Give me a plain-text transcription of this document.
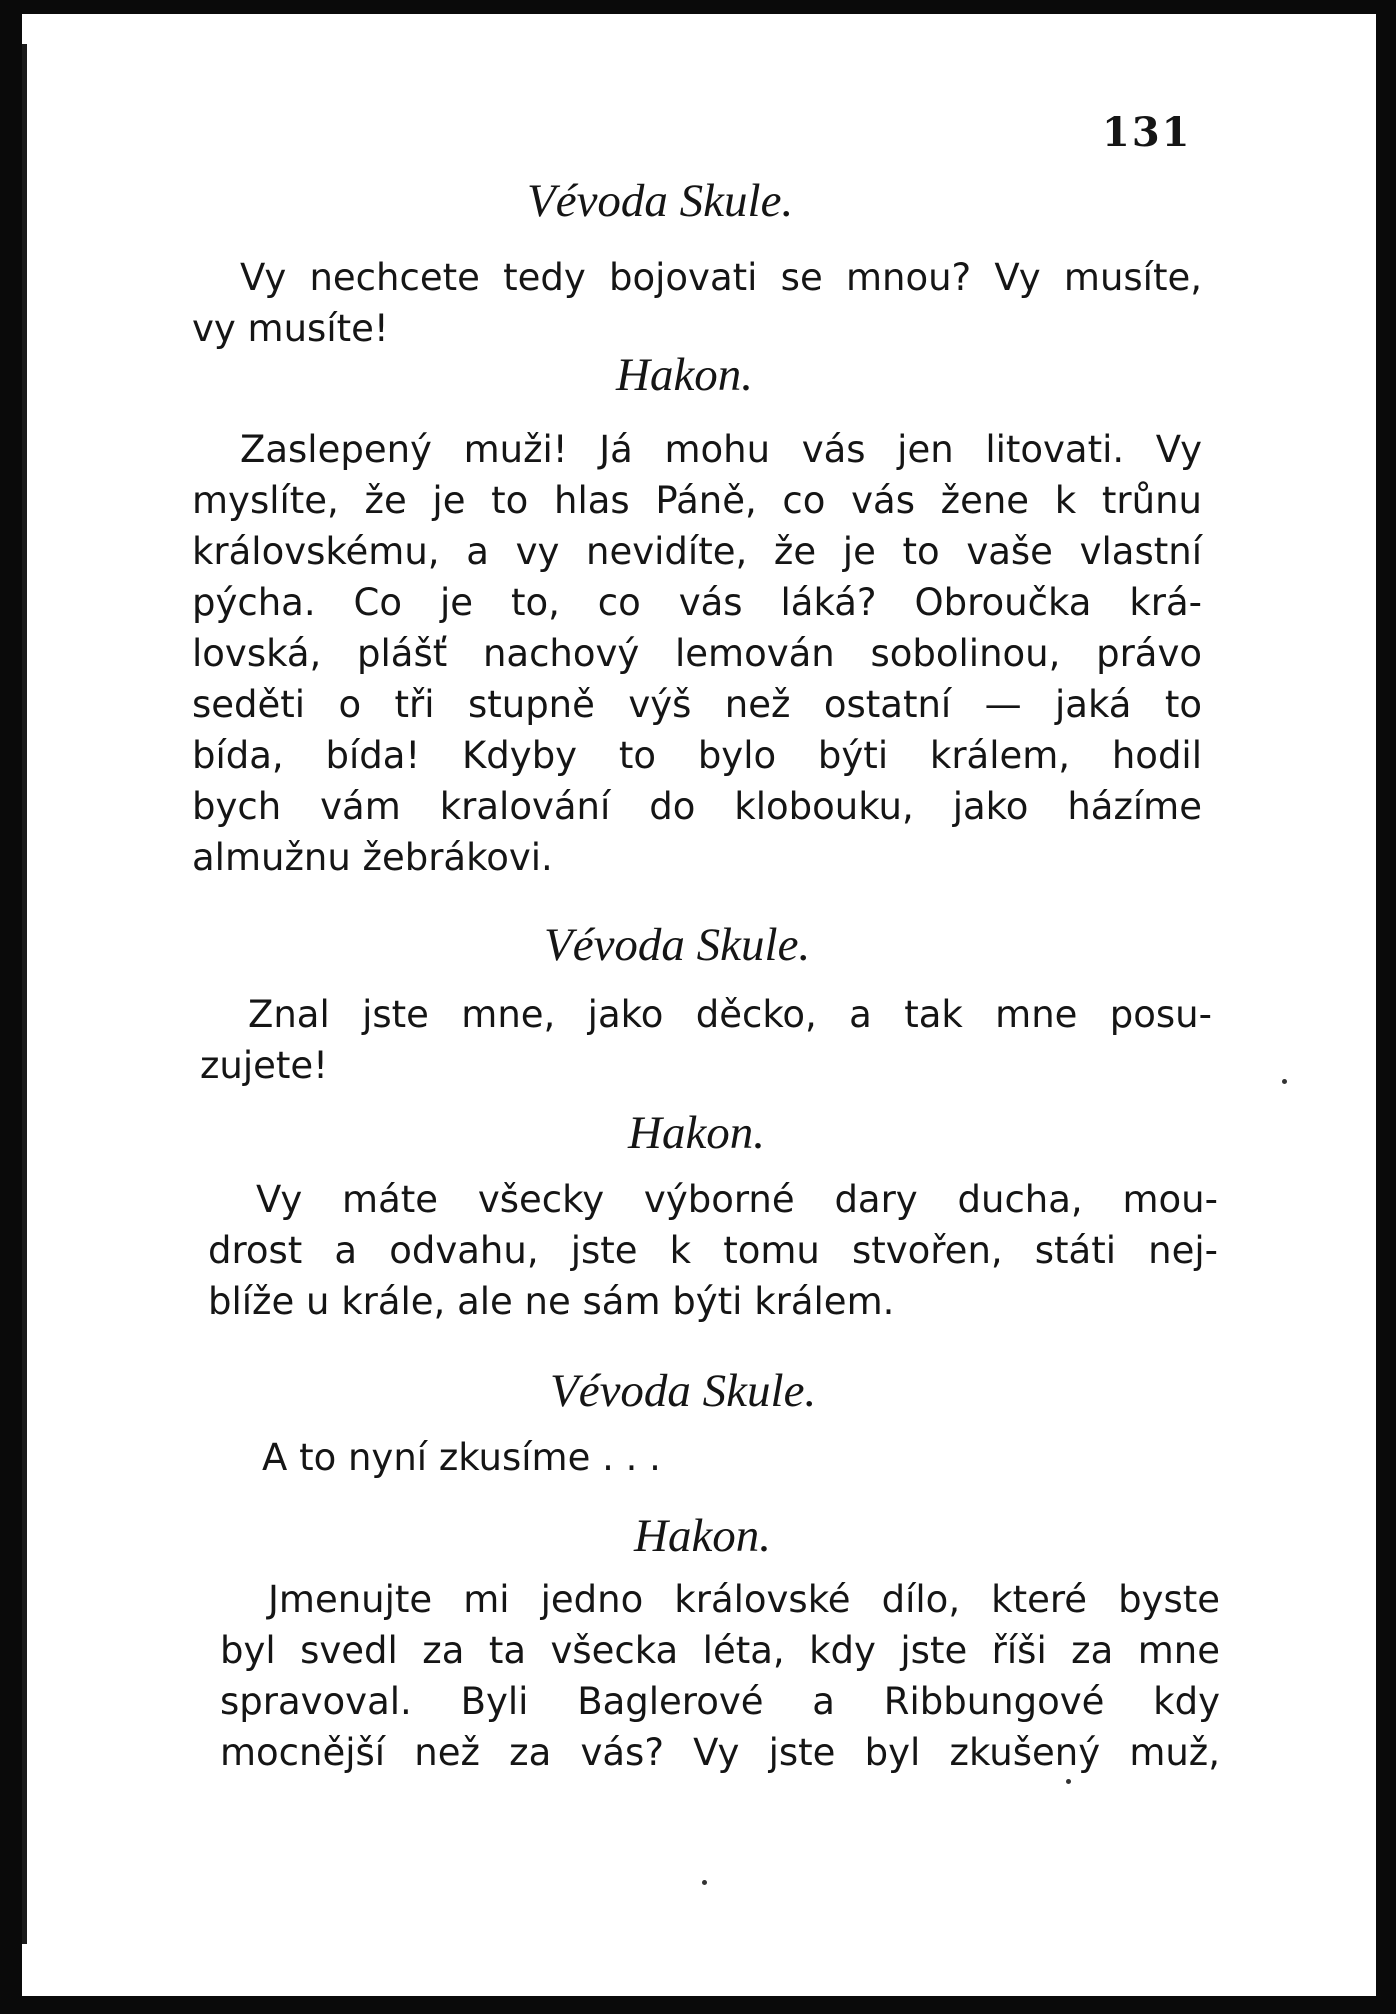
131
Vévoda Skule.
Vy nechcete tedy bojovati se mnou? Vy musíte,
vy musíte!
Hakon.
Zaslepený muži! Já mohu vás jen litovati. Vy
myslíte, že je to hlas Páně, co vás žene k trůnu
královskému, a vy nevidíte, že je to vaše vlastní
pýcha. Co je to, co vás láká? Obroučka krá-
lovská, plášť nachový lemován sobolinou, právo
seděti o tři stupně výš než ostatní — jaká to
bída, bída! Kdyby to bylo býti králem, hodil
bych vám kralování do klobouku, jako házíme
almužnu žebrákovi.
Vévoda Skule.
Znal jste mne, jako děcko, a tak mne posu-
zujete!
Hakon.
Vy máte všecky výborné dary ducha, mou-
drost a odvahu, jste k tomu stvořen, státi nej-
blíže u krále, ale ne sám býti králem.
Vévoda Skule.
A to nyní zkusíme . . .
Hakon.
Jmenujte mi jedno královské dílo, které byste
byl svedl za ta všecka léta, kdy jste říši za mne
spravoval. Byli Baglerové a Ribbungové kdy
mocnější než za vás? Vy jste byl zkušený muž,
